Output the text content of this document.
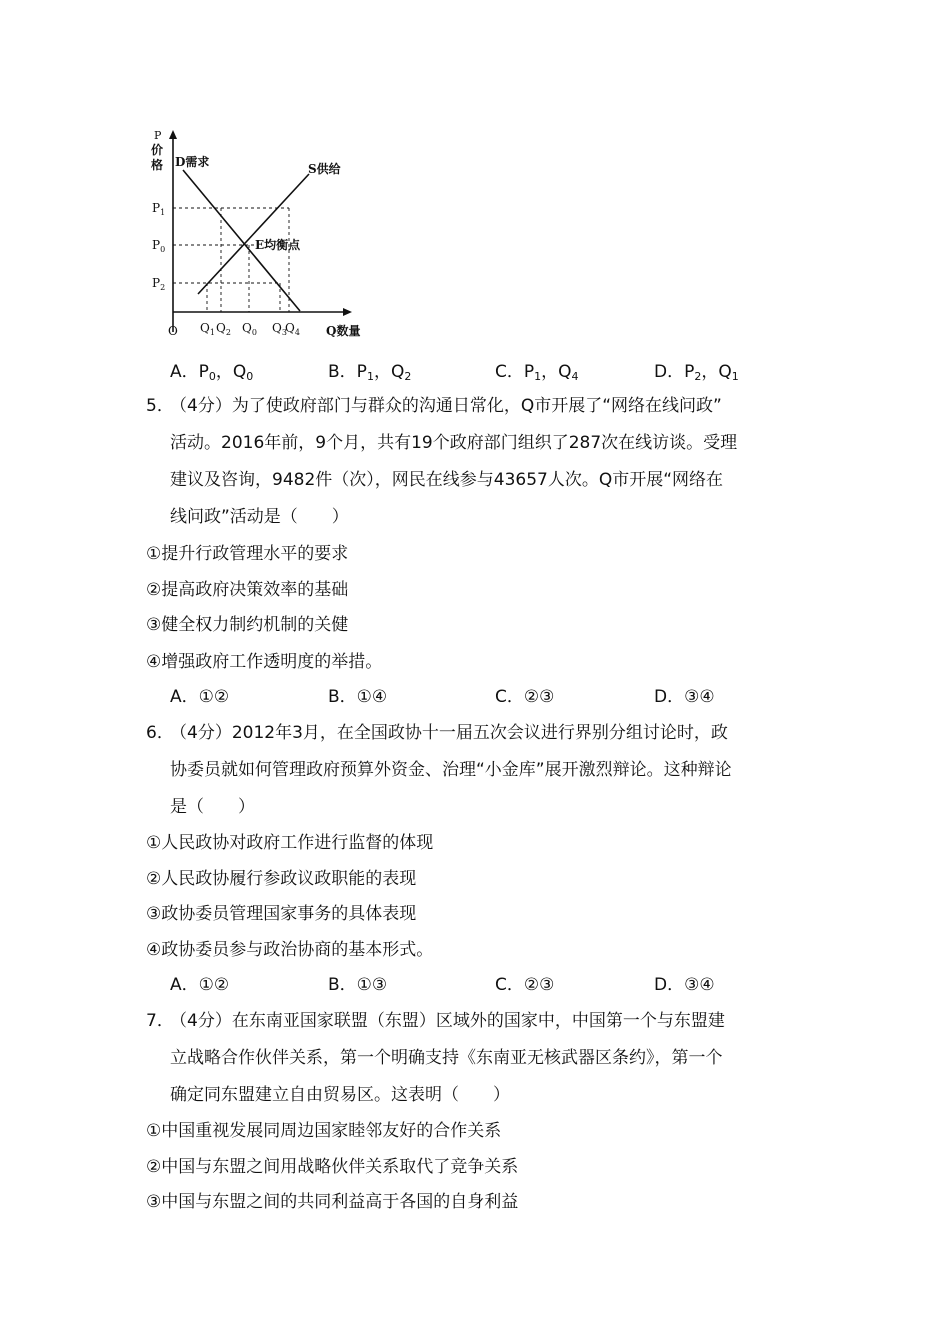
P
价
格 D需求	S供给
E均衡点
O	Q数量
$P_1$
$P_0$
$P_2$
$Q_1$ $Q_2$ $Q_0$ $Q_3$
$Q_4$
A．$P_0$，$Q_0$	B．$P_1$，$Q_2$	C．$P_1$，$Q_4$	D．$P_2$，$Q_1$
5．
（4分）为了使政府部门与群众的沟通日常化，Q市开展了“网络在线问政”
活动。2016年前，9个月，共有19个政府部门组织了287次在线访谈。受理
建议及咨询，9482件（次），网民在线参与43657人次。Q市开展“网络在
线问政”活动是（　　）
①提升行政管理水平的要求
②提高政府决策效率的基础
③健全权力制约机制的关健
④增强政府工作透明度的举措。
A．①②	B．①④	C．②③	D．③④
6．
（4分）2012年3月，在全国政协十一届五次会议进行界别分组讨论时，政
协委员就如何管理政府预算外资金、治理“小金库”展开激烈辩论。这种辩论
是（　　）
①人民政协对政府工作进行监督的体现
②人民政协履行参政议政职能的表现
③政协委员管理国家事务的具体表现
④政协委员参与政治协商的基本形式。
A．①②	B．①③	C．②③	D．③④
7．
（4分）在东南亚国家联盟（东盟）区域外的国家中，中国第一个与东盟建
立战略合作伙伴关系，第一个明确支持《东南亚无核武器区条约》，第一个
确定同东盟建立自由贸易区。这表明（　　）
①中国重视发展同周边国家睦邻友好的合作关系
②中国与东盟之间用战略伙伴关系取代了竞争关系
③中国与东盟之间的共同利益高于各国的自身利益
